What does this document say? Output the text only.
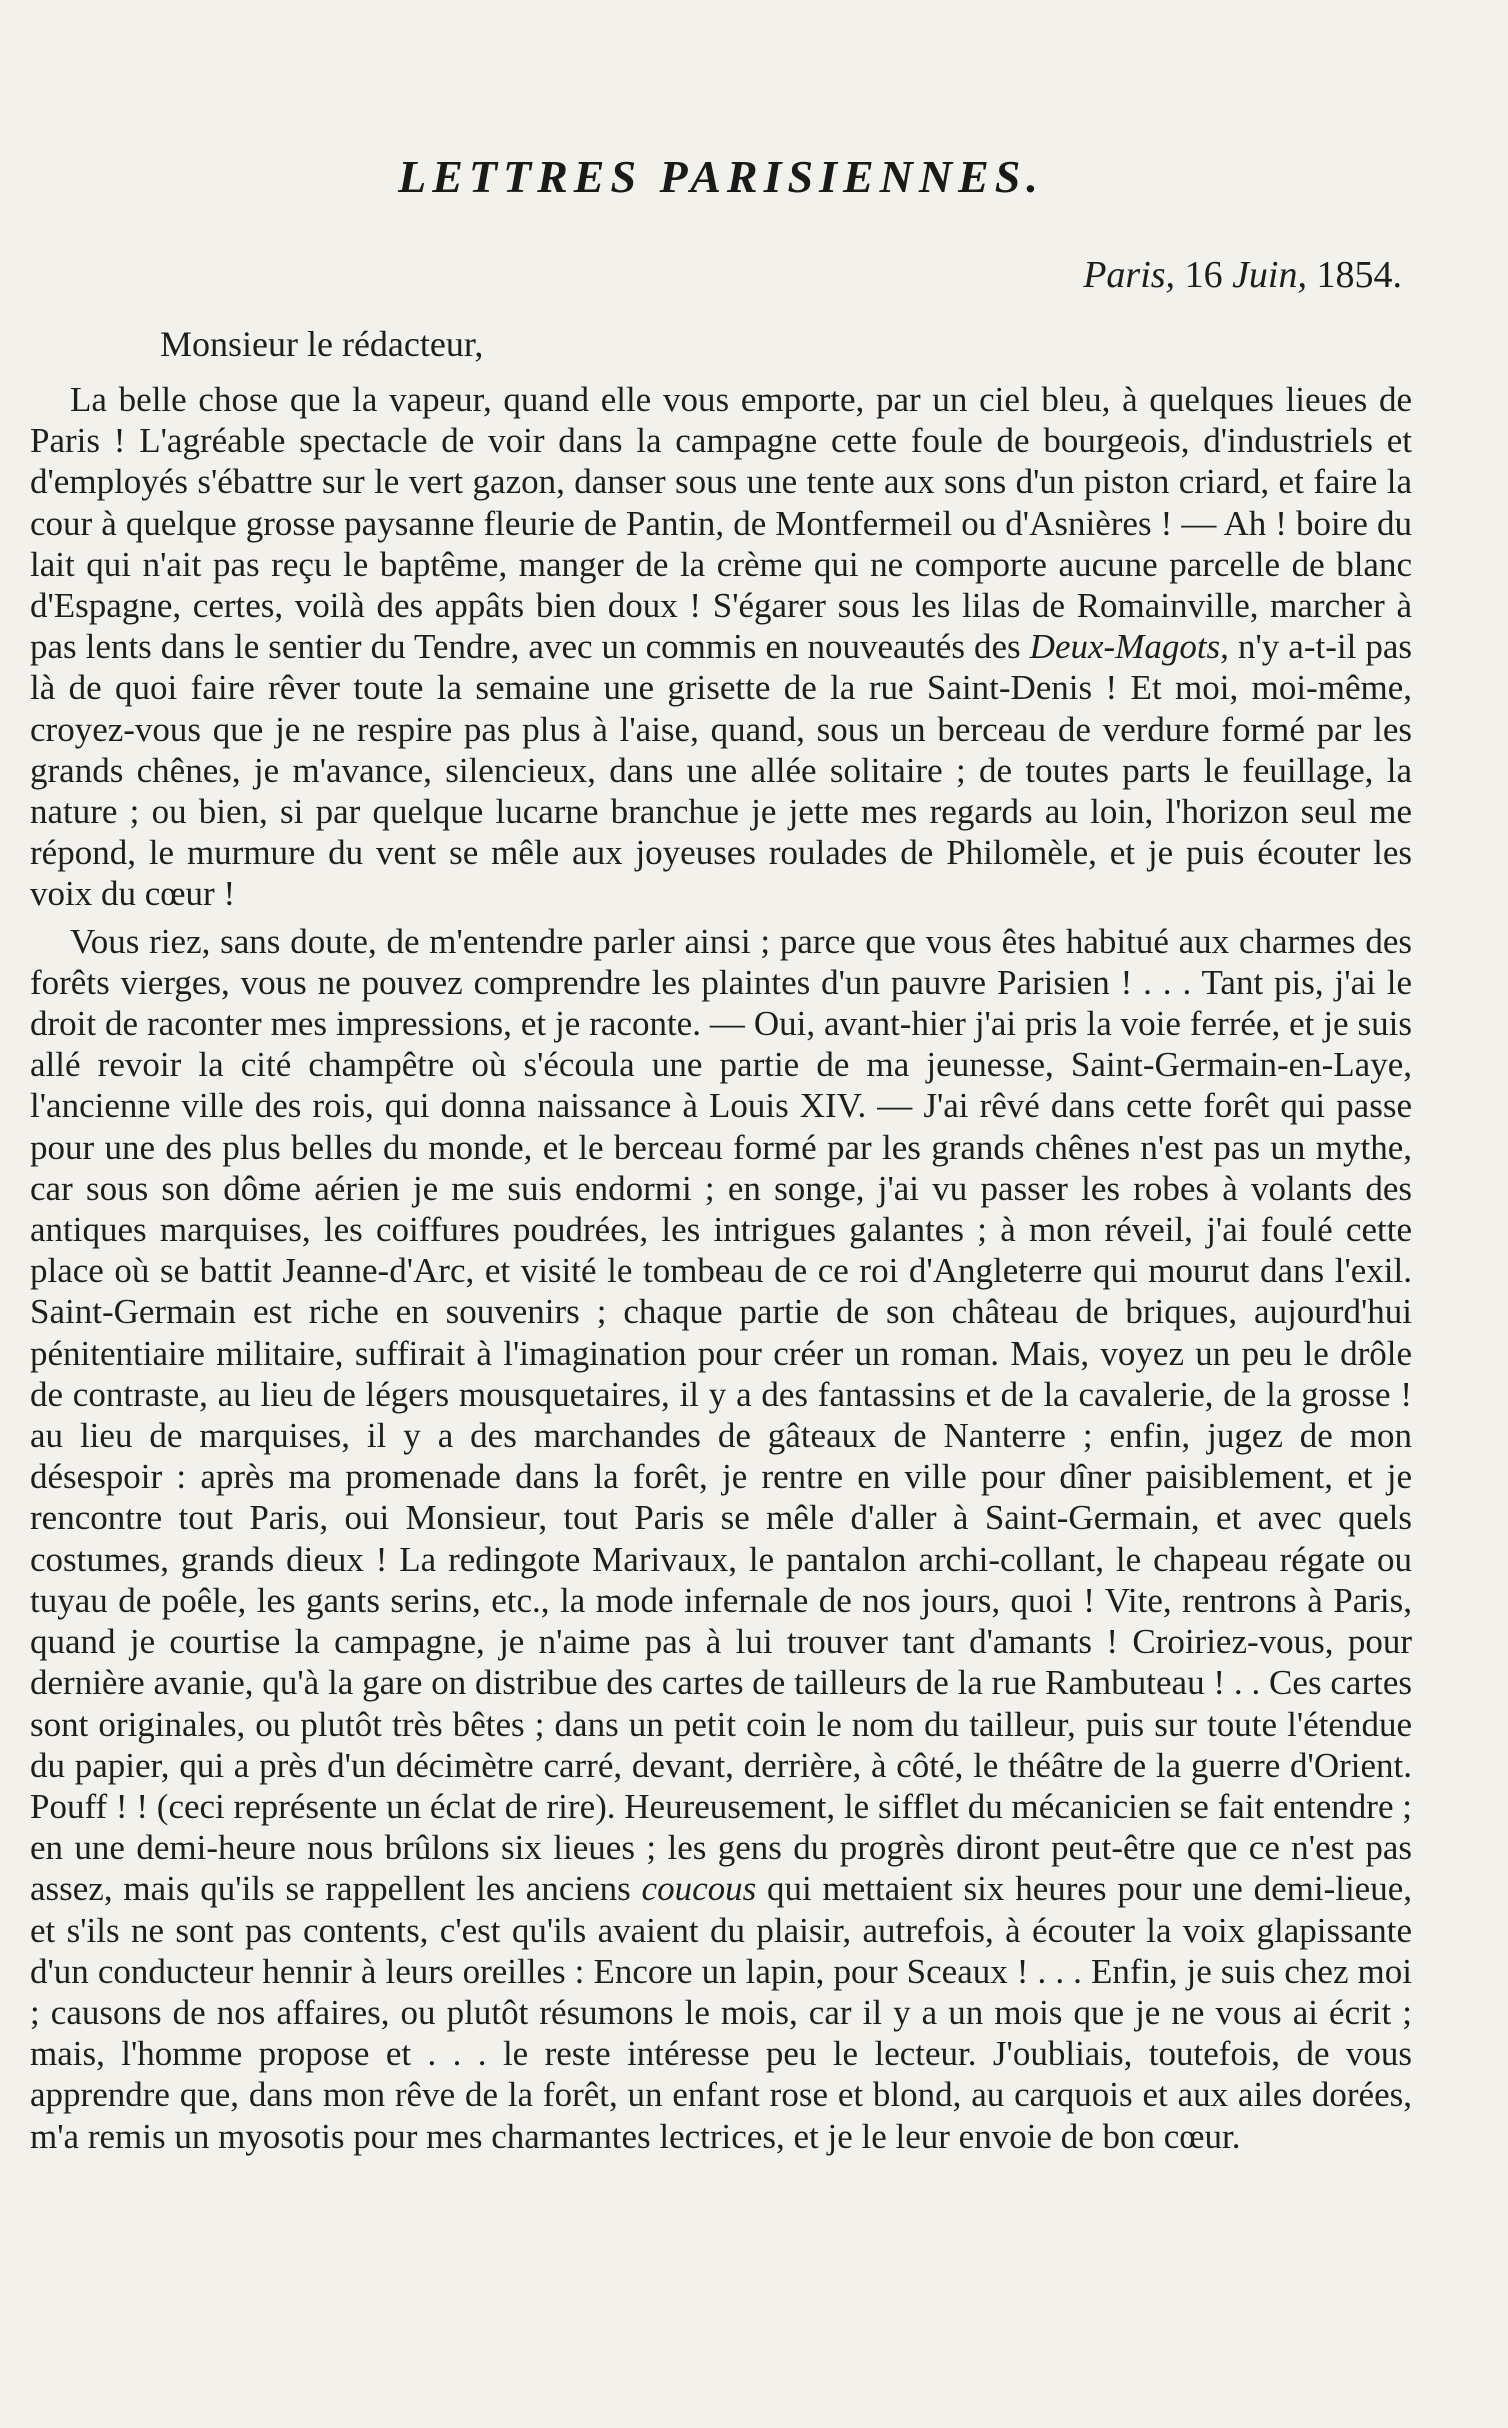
LETTRES PARISIENNES.
Paris, 16 Juin, 1854.
Monsieur le rédacteur,

La belle chose que la vapeur, quand elle vous emporte, par un ciel bleu, à quelques lieues de Paris ! L'agréable spectacle de voir dans la campagne cette foule de bourgeois, d'industriels et d'employés s'ébattre sur le vert gazon, danser sous une tente aux sons d'un piston criard, et faire la cour à quelque grosse paysanne fleurie de Pantin, de Montfermeil ou d'Asnières ! — Ah ! boire du lait qui n'ait pas reçu le baptême, manger de la crème qui ne comporte aucune parcelle de blanc d'Espagne, certes, voilà des appâts bien doux ! S'égarer sous les lilas de Romainville, marcher à pas lents dans le sentier du Tendre, avec un commis en nouveautés des Deux-Magots, n'y a-t-il pas là de quoi faire rêver toute la semaine une grisette de la rue Saint-Denis ! Et moi, moi-même, croyez-vous que je ne respire pas plus à l'aise, quand, sous un berceau de verdure formé par les grands chênes, je m'avance, silencieux, dans une allée solitaire ; de toutes parts le feuillage, la nature ; ou bien, si par quelque lucarne branchue je jette mes regards au loin, l'horizon seul me répond, le murmure du vent se mêle aux joyeuses roulades de Philomèle, et je puis écouter les voix du cœur !

Vous riez, sans doute, de m'entendre parler ainsi ; parce que vous êtes habitué aux charmes des forêts vierges, vous ne pouvez comprendre les plaintes d'un pauvre Parisien ! . . . Tant pis, j'ai le droit de raconter mes impressions, et je raconte. — Oui, avant-hier j'ai pris la voie ferrée, et je suis allé revoir la cité champêtre où s'écoula une partie de ma jeunesse, Saint-Germain-en-Laye, l'ancienne ville des rois, qui donna naissance à Louis XIV. — J'ai rêvé dans cette forêt qui passe pour une des plus belles du monde, et le berceau formé par les grands chênes n'est pas un mythe, car sous son dôme aérien je me suis endormi ; en songe, j'ai vu passer les robes à volants des antiques marquises, les coiffures poudrées, les intrigues galantes ; à mon réveil, j'ai foulé cette place où se battit Jeanne-d'Arc, et visité le tombeau de ce roi d'Angleterre qui mourut dans l'exil. Saint-Germain est riche en souvenirs ; chaque partie de son château de briques, aujourd'hui pénitentiaire militaire, suffirait à l'imagination pour créer un roman. Mais, voyez un peu le drôle de contraste, au lieu de légers mousquetaires, il y a des fantassins et de la cavalerie, de la grosse ! au lieu de marquises, il y a des marchandes de gâteaux de Nanterre ; enfin, jugez de mon désespoir : après ma promenade dans la forêt, je rentre en ville pour dîner paisiblement, et je rencontre tout Paris, oui Monsieur, tout Paris se mêle d'aller à Saint-Germain, et avec quels costumes, grands dieux ! La redingote Marivaux, le pantalon archi-collant, le chapeau régate ou tuyau de poêle, les gants serins, etc., la mode infernale de nos jours, quoi ! Vite, rentrons à Paris, quand je courtise la campagne, je n'aime pas à lui trouver tant d'amants ! Croiriez-vous, pour dernière avanie, qu'à la gare on distribue des cartes de tailleurs de la rue Rambuteau ! . . Ces cartes sont originales, ou plutôt très bêtes ; dans un petit coin le nom du tailleur, puis sur toute l'étendue du papier, qui a près d'un décimètre carré, devant, derrière, à côté, le théâtre de la guerre d'Orient. Pouff ! ! (ceci représente un éclat de rire). Heureusement, le sifflet du mécanicien se fait entendre ; en une demi-heure nous brûlons six lieues ; les gens du progrès diront peut-être que ce n'est pas assez, mais qu'ils se rappellent les anciens coucous qui mettaient six heures pour une demi-lieue, et s'ils ne sont pas contents, c'est qu'ils avaient du plaisir, autrefois, à écouter la voix glapissante d'un conducteur hennir à leurs oreilles : Encore un lapin, pour Sceaux ! . . . Enfin, je suis chez moi ; causons de nos affaires, ou plutôt résumons le mois, car il y a un mois que je ne vous ai écrit ; mais, l'homme propose et . . . le reste intéresse peu le lecteur. J'oubliais, toutefois, de vous apprendre que, dans mon rêve de la forêt, un enfant rose et blond, au carquois et aux ailes dorées, m'a remis un myosotis pour mes charmantes lectrices, et je le leur envoie de bon cœur.
